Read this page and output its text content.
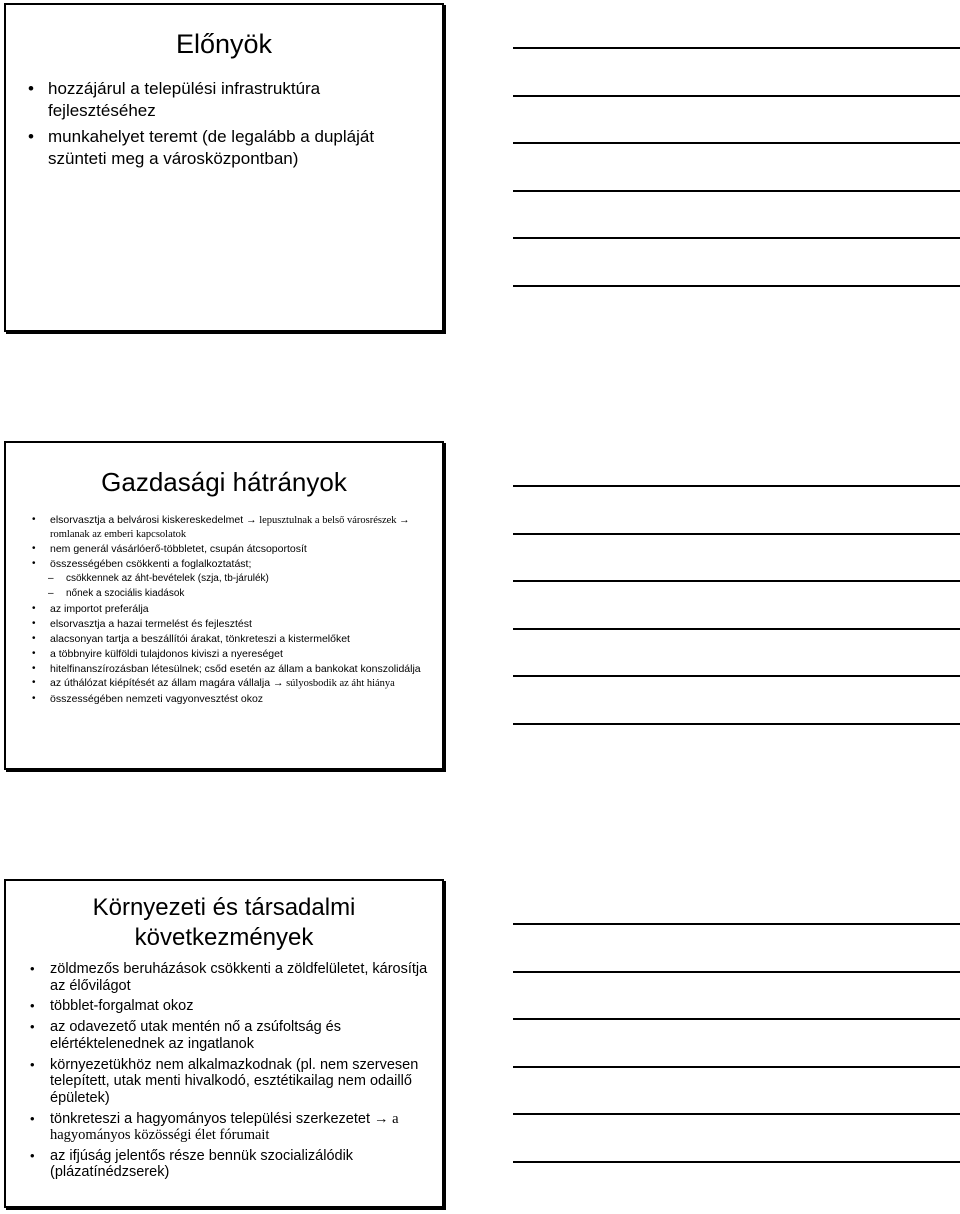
Előnyök
• hozzájárul a települési infrastruktúra fejlesztéséhez
• munkahelyet teremt (de legalább a dupláját szünteti meg a városközpontban)
Gazdasági hátrányok
• elsorvasztja a belvárosi kiskereskedelmet → lepusztulnak a belső városrészek → romlanak az emberi kapcsolatok
• nem generál vásárlóerő-többletet, csupán átcsoportosít
• összességében csökkenti a foglalkoztatást;
– csökkennek az áht-bevételek (szja, tb-járulék)
– nőnek a szociális kiadások
• az importot preferálja
• elsorvasztja a hazai termelést és fejlesztést
• alacsonyan tartja a beszállítói árakat, tönkreteszi a kistermelőket
• a többnyire külföldi tulajdonos kiviszi a nyereséget
• hitelfinanszírozásban létesülnek; csőd esetén az állam a bankokat konszolidálja
• az úthálózat kiépítését az állam magára vállalja → súlyosbodik az áht hiánya
• összességében nemzeti vagyonvesztést okoz
Környezeti és társadalmi következmények
• zöldmezős beruházások csökkenti a zöldfelületet, károsítja az élővilágot
• többlet-forgalmat okoz
• az odavezető utak mentén nő a zsúfoltság és elértéktelenednek az ingatlanok
• környezetükhöz nem alkalmazkodnak (pl. nem szervesen telepített, utak menti hivalkodó, esztétikailag nem odaillő épületek)
• tönkreteszi a hagyományos települési szerkezetet → a hagyományos közösségi élet fórumait
• az ifjúság jelentős része bennük szocializálódik (plázatínédzserek)
